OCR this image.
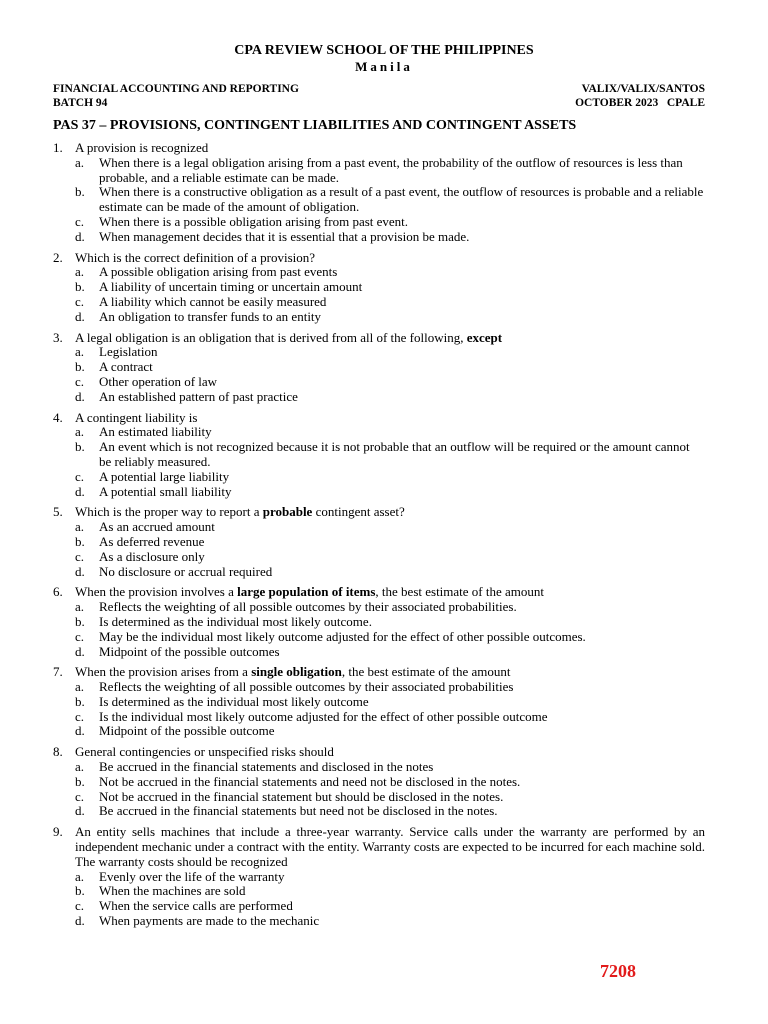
CPA REVIEW SCHOOL OF THE PHILIPPINES
Manila
FINANCIAL ACCOUNTING AND REPORTING	VALIX/VALIX/SANTOS
BATCH 94	OCTOBER 2023   CPALE
PAS 37 – PROVISIONS, CONTINGENT LIABILITIES AND CONTINGENT ASSETS
1. A provision is recognized
a.	When there is a legal obligation arising from a past event, the probability of the outflow of resources is less than probable, and a reliable estimate can be made.
b.	When there is a constructive obligation as a result of a past event, the outflow of resources is probable and a reliable estimate can be made of the amount of obligation.
c.	When there is a possible obligation arising from past event.
d.	When management decides that it is essential that a provision be made.
2. Which is the correct definition of a provision?
a.	A possible obligation arising from past events
b.	A liability of uncertain timing or uncertain amount
c.	A liability which cannot be easily measured
d.	An obligation to transfer funds to an entity
3. A legal obligation is an obligation that is derived from all of the following, except
a.	Legislation
b.	A contract
c.	Other operation of law
d.	An established pattern of past practice
4. A contingent liability is
a.	An estimated liability
b.	An event which is not recognized because it is not probable that an outflow will be required or the amount cannot be reliably measured.
c.	A potential large liability
d.	A potential small liability
5. Which is the proper way to report a probable contingent asset?
a.	As an accrued amount
b.	As deferred revenue
c.	As a disclosure only
d.	No disclosure or accrual required
6. When the provision involves a large population of items, the best estimate of the amount
a.	Reflects the weighting of all possible outcomes by their associated probabilities.
b.	Is determined as the individual most likely outcome.
c.	May be the individual most likely outcome adjusted for the effect of other possible outcomes.
d.	Midpoint of the possible outcomes
7. When the provision arises from a single obligation, the best estimate of the amount
a.	Reflects the weighting of all possible outcomes by their associated probabilities
b.	Is determined as the individual most likely outcome
c.	Is the individual most likely outcome adjusted for the effect of other possible outcome
d.	Midpoint of the possible outcome
8. General contingencies or unspecified risks should
a.	Be accrued in the financial statements and disclosed in the notes
b.	Not be accrued in the financial statements and need not be disclosed in the notes.
c.	Not be accrued in the financial statement but should be disclosed in the notes.
d.	Be accrued in the financial statements but need not be disclosed in the notes.
9. An entity sells machines that include a three-year warranty. Service calls under the warranty are performed by an independent mechanic under a contract with the entity. Warranty costs are expected to be incurred for each machine sold. The warranty costs should be recognized
a.	Evenly over the life of the warranty
b.	When the machines are sold
c.	When the service calls are performed
d.	When payments are made to the mechanic
7208
